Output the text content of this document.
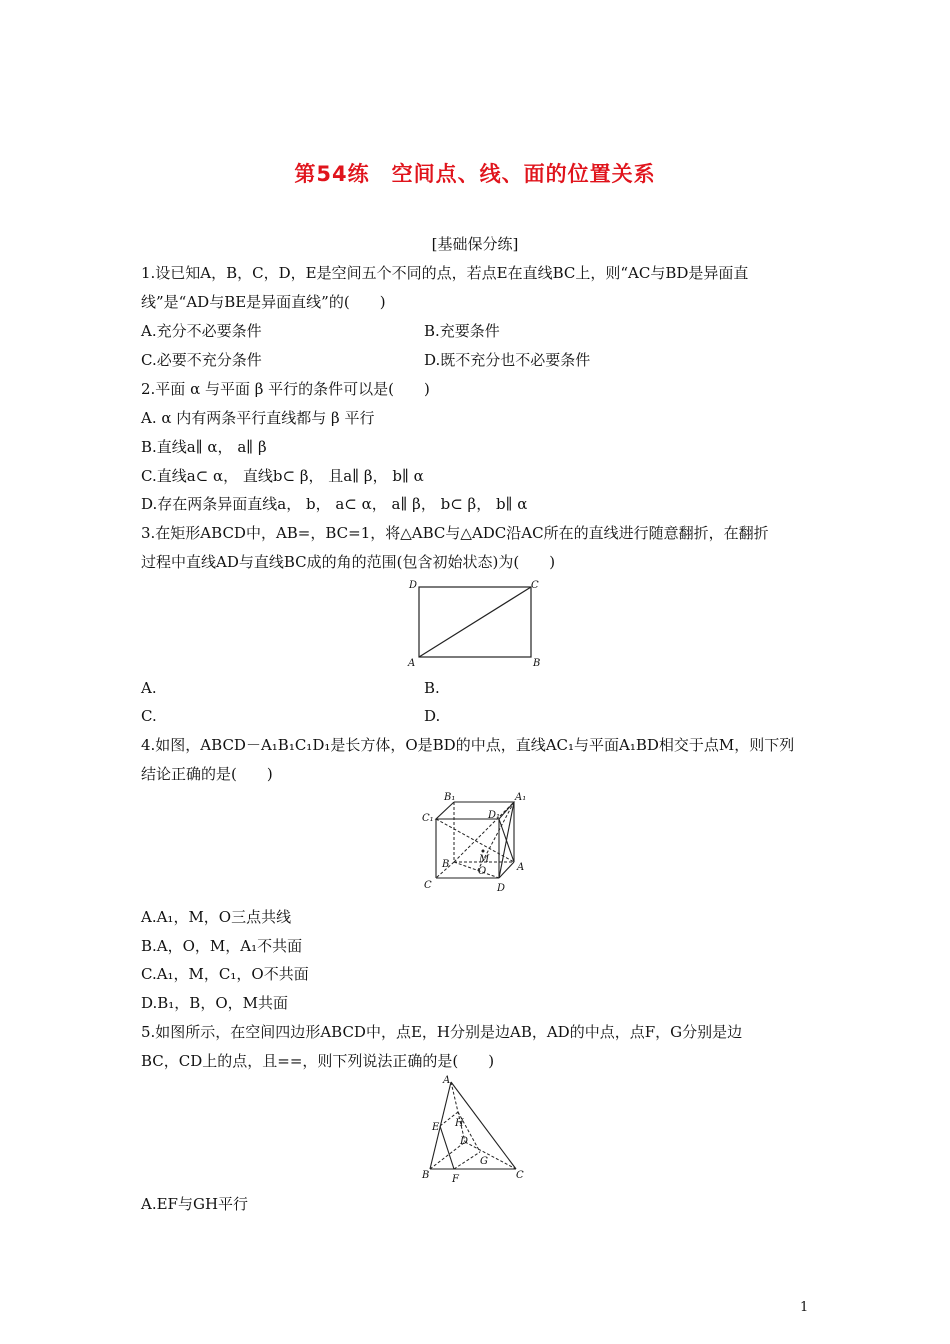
第54练　空间点、线、面的位置关系
[基础保分练]
1.设已知A，B，C，D，E是空间五个不同的点，若点E在直线BC上，则“AC与BD是异面直
线”是“AD与BE是异面直线”的(　　)
A.充分不必要条件	B.充要条件
C.必要不充分条件	D.既不充分也不必要条件
2.平面 α 与平面 β 平行的条件可以是(　　)
A. α 内有两条平行直线都与 β 平行
B.直线a∥ α， a∥ β
C.直线a⊂ α， 直线b⊂ β， 且a∥ β， b∥ α
D.存在两条异面直线a， b， a⊂ α， a∥ β， b⊂ β， b∥ α
3.在矩形ABCD中，AB=，BC=1，将△ABC与△ADC沿AC所在的直线进行随意翻折，在翻折
过程中直线AD与直线BC成的角的范围(包含初始状态)为(　　)
D	C
A	B
A.	B.
C.	D.
4.如图，ABCD－A₁B₁C₁D₁是长方体，O是BD的中点，直线AC₁与平面A₁BD相交于点M，则下列
结论正确的是(　　)
B₁	A₁
C₁	D₁
M
B
O	A
C	D
A.A₁，M，O三点共线
B.A，O，M，A₁不共面
C.A₁，M，C₁，O不共面
D.B₁，B，O，M共面
5.如图所示，在空间四边形ABCD中，点E，H分别是边AB，AD的中点，点F，G分别是边
BC，CD上的点，且==，则下列说法正确的是(　　)
A
E H
D
G
B F	C
A.EF与GH平行
1
